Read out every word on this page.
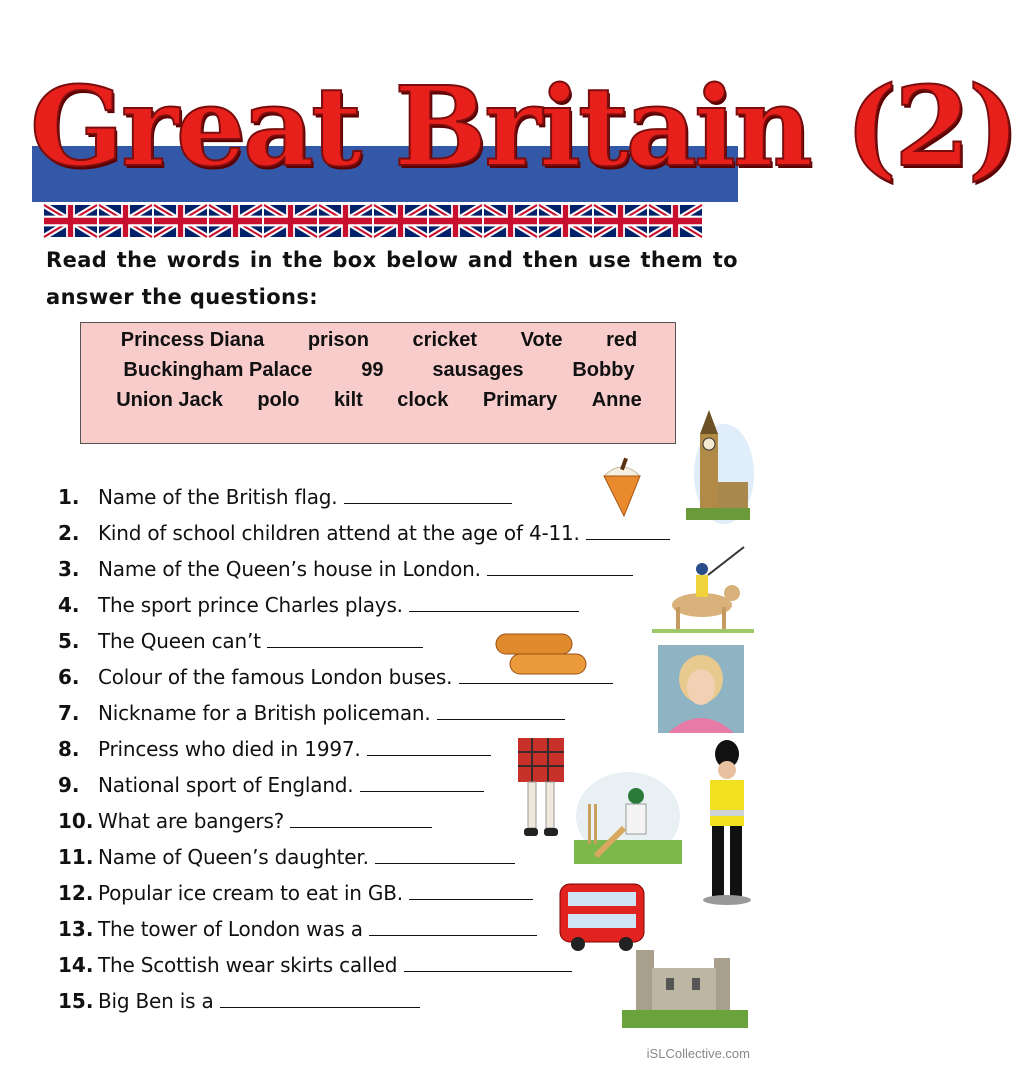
Great Britain (2)
Read the words in the box below and then use them to answer the questions:
Princess Diana prison cricket Vote red
Buckingham Palace 99 sausages Bobby
Union Jack polo kilt clock Primary Anne
1. Name of the British flag.
2. Kind of school children attend at the age of 4-11.
3. Name of the Queen’s house in London.
4. The sport prince Charles plays.
5. The Queen can’t
6. Colour of the famous London buses.
7. Nickname for a British policeman.
8. Princess who died in 1997.
9. National sport of England.
10. What are bangers?
11. Name of Queen’s daughter.
12. Popular ice cream to eat in GB.
13. The tower of London was a
14. The Scottish wear skirts called
15. Big Ben is a
iSLCollective.com
